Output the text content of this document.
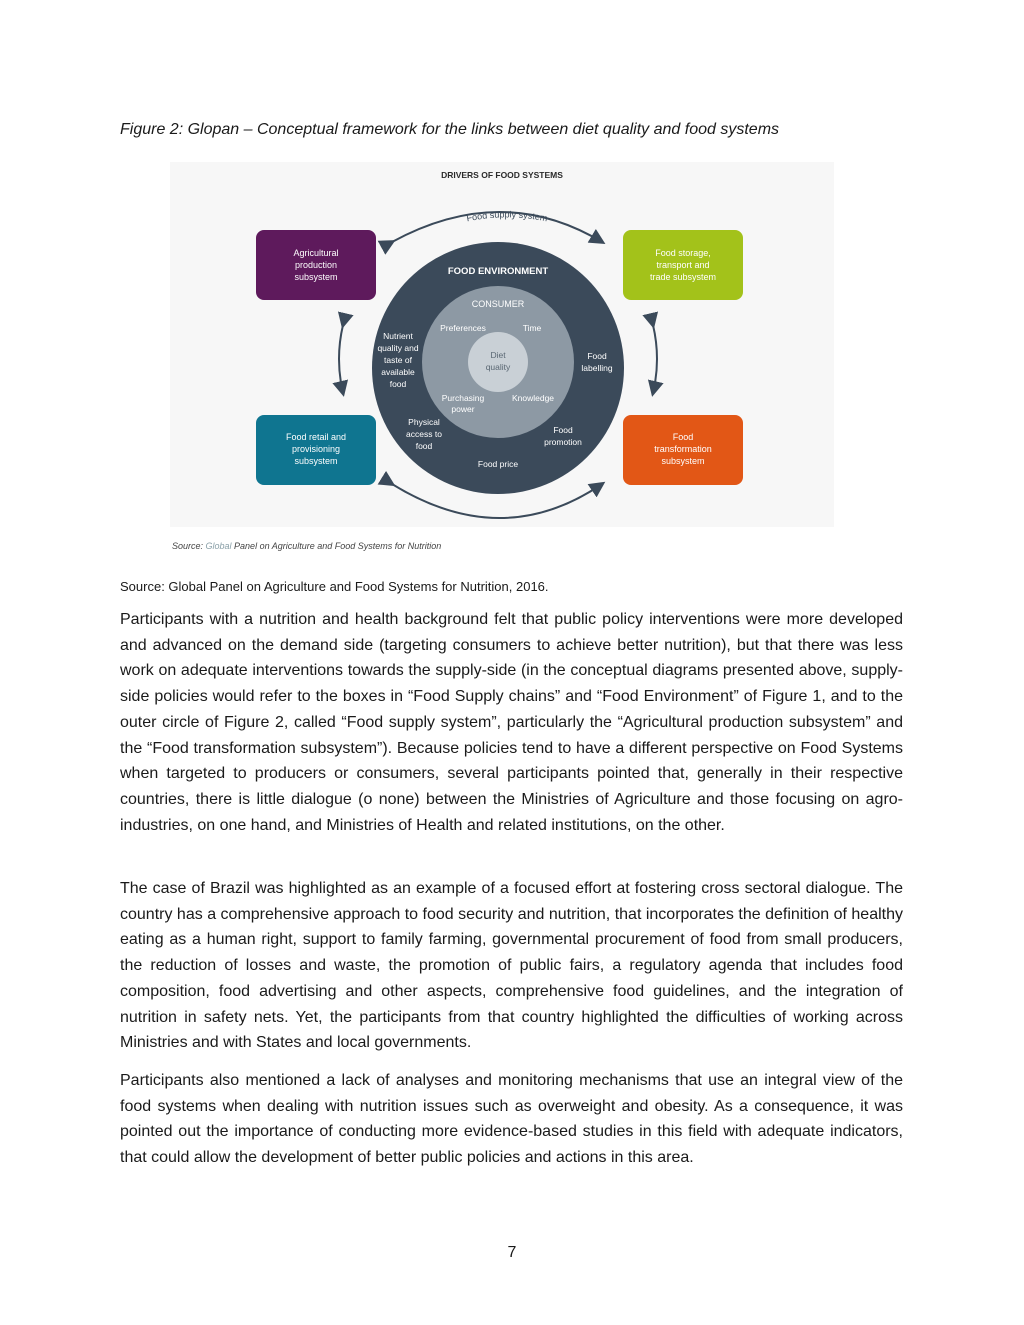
Figure 2: Glopan – Conceptual framework for the links between diet quality and food systems
DRIVERS OF FOOD SYSTEMS
Food supply system
Agricultural
production
subsystem
Food storage,
transport and
trade subsystem
Food retail and
provisioning
subsystem
Food
transformation
subsystem
FOOD ENVIRONMENT
CONSUMER
Preferences	Time
Diet
quality
Purchasing
power
Knowledge
Nutrient
quality and
taste of
available
food
Food
labelling
Physical
access to
food
Food
promotion
Food price
Source: Global Panel on Agriculture and Food Systems for Nutrition
Source: Global Panel on Agriculture and Food Systems for Nutrition, 2016.

Participants with a nutrition and health background felt that public policy interventions were more developed and advanced on the demand side (targeting consumers to achieve better nutrition), but that there was less work on adequate interventions towards the supply-side (in the conceptual diagrams presented above, supply-side policies would refer to the boxes in “Food Supply chains” and “Food Environment” of Figure 1, and to the outer circle of Figure 2, called “Food supply system”, particularly the “Agricultural production subsystem” and the “Food transformation subsystem”). Because policies tend to have a different perspective on Food Systems when targeted to producers or consumers, several participants pointed that, generally in their respective countries, there is little dialogue (o none) between the Ministries of Agriculture and those focusing on agro-industries, on one hand, and Ministries of Health and related institutions, on the other.

The case of Brazil was highlighted as an example of a focused effort at fostering cross sectoral dialogue. The country has a comprehensive approach to food security and nutrition, that incorporates the definition of healthy eating as a human right, support to family farming, governmental procurement of food from small producers, the reduction of losses and waste, the promotion of public fairs, a regulatory agenda that includes food composition, food advertising and other aspects, comprehensive food guidelines, and the integration of nutrition in safety nets. Yet, the participants from that country highlighted the difficulties of working across Ministries and with States and local governments.

Participants also mentioned a lack of analyses and monitoring mechanisms that use an integral view of the food systems when dealing with nutrition issues such as overweight and obesity. As a consequence, it was pointed out the importance of conducting more evidence-based studies in this field with adequate indicators, that could allow the development of better public policies and actions in this area.

7
